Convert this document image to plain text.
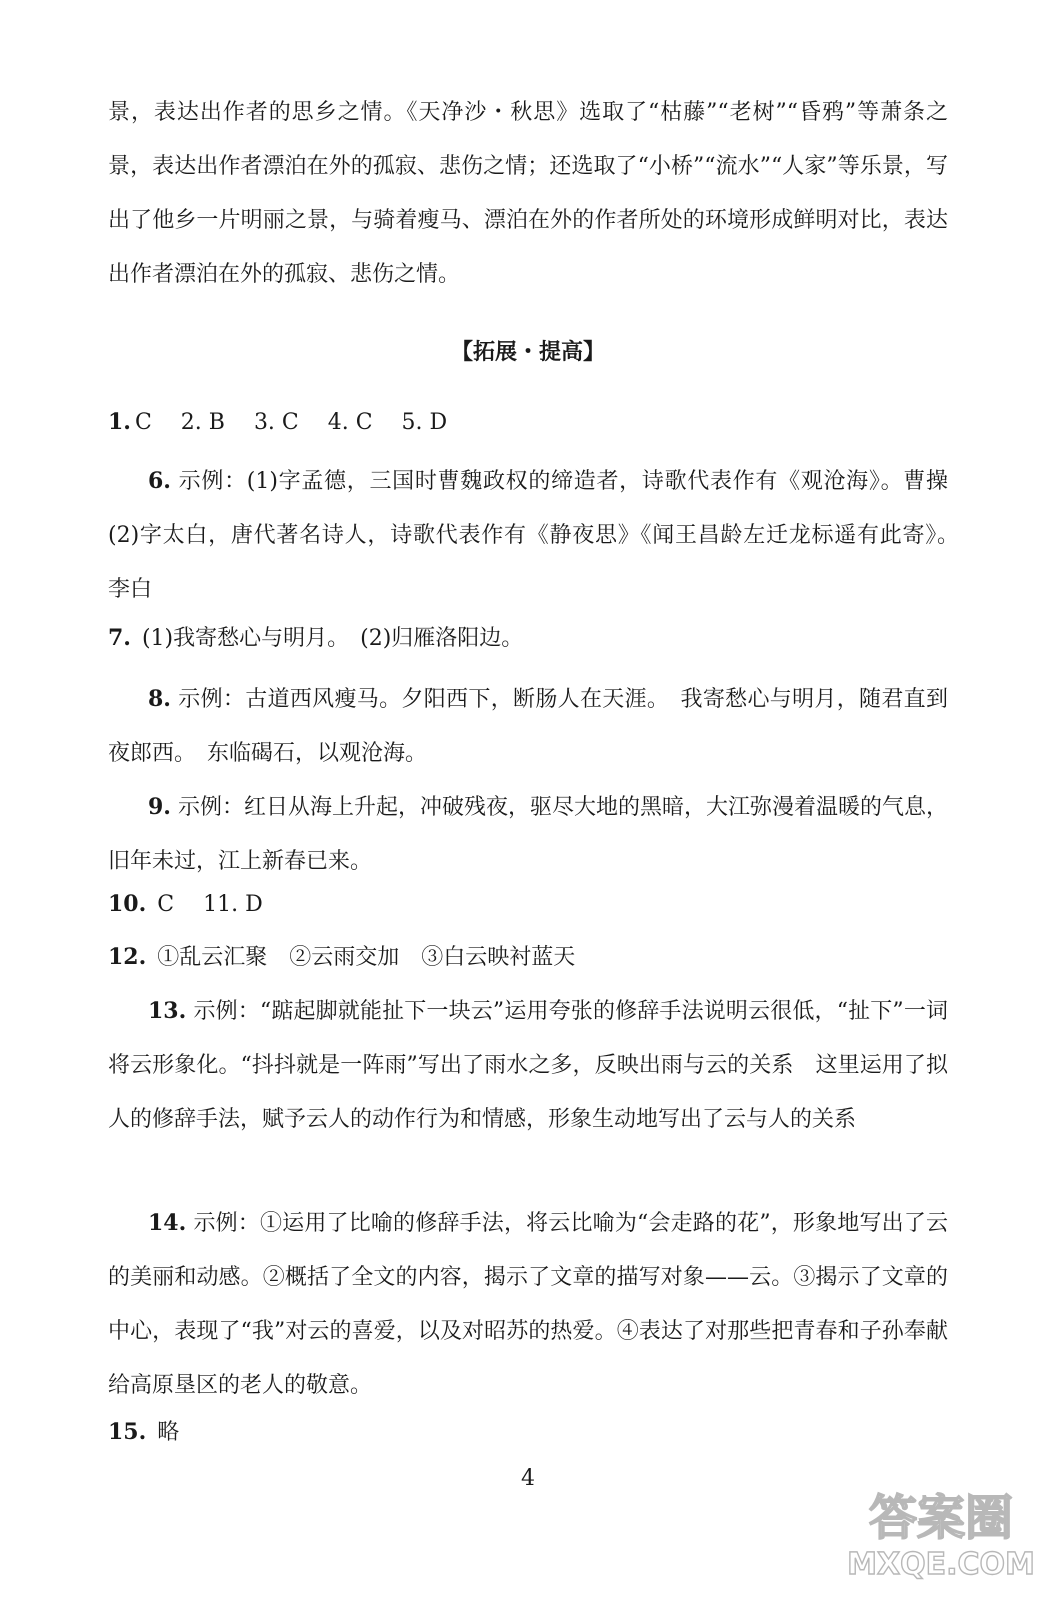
景，表达出作者的思乡之情。《天净沙・秋思》选取了“枯藤”“老树”“昏鸦”等萧条之景，表达出作者漂泊在外的孤寂、悲伤之情；还选取了“小桥”“流水”“人家”等乐景，写出了他乡一片明丽之景，与骑着瘦马、漂泊在外的作者所处的环境形成鲜明对比，表达出作者漂泊在外的孤寂、悲伤之情。

【拓展・提高】

1. C　 2. B　 3. C　 4. C　 5. D

6. 示例：(1)字孟德，三国时曹魏政权的缔造者，诗歌代表作有《观沧海》。曹操　(2)字太白，唐代著名诗人，诗歌代表作有《静夜思》《闻王昌龄左迁龙标遥有此寄》。　李白

7. (1)我寄愁心与明月。　(2)归雁洛阳边。

8. 示例：古道西风瘦马。夕阳西下，断肠人在天涯。　我寄愁心与明月，随君直到夜郎西。　东临碣石，以观沧海。

9. 示例：红日从海上升起，冲破残夜，驱尽大地的黑暗，大江弥漫着温暖的气息，旧年未过，江上新春已来。

10. C　 11. D

12. ①乱云汇聚　②云雨交加　③白云映衬蓝天

13. 示例：“踮起脚就能扯下一块云”运用夸张的修辞手法说明云很低，“扯下”一词将云形象化。“抖抖就是一阵雨”写出了雨水之多，反映出雨与云的关系　这里运用了拟人的修辞手法，赋予云人的动作行为和情感，形象生动地写出了云与人的关系

14. 示例：①运用了比喻的修辞手法，将云比喻为“会走路的花”，形象地写出了云的美丽和动感。②概括了全文的内容，揭示了文章的描写对象——云。③揭示了文章的中心，表现了“我”对云的喜爱，以及对昭苏的热爱。④表达了对那些把青春和子孙奉献给高原垦区的老人的敬意。

15. 略

4

答案圈
MXQE.COM
